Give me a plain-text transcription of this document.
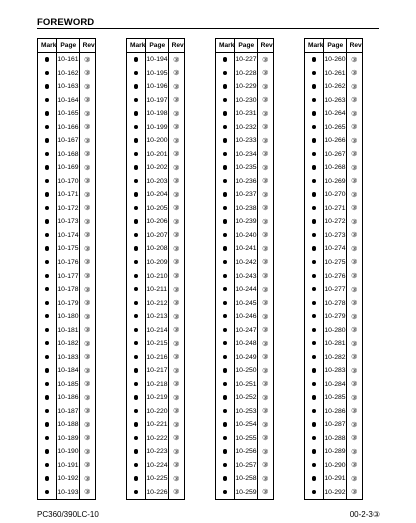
FOREWORD
Mark	Page	Rev
	10-161	③
	10-162	③
	10-163	③
	10-164	③
	10-165	③
	10-166	③
	10-167	③
	10-168	③
	10-169	③
	10-170	③
	10-171	③
	10-172	③
	10-173	③
	10-174	③
	10-175	③
	10-176	③
	10-177	③
	10-178	③
	10-179	③
	10-180	③
	10-181	③
	10-182	③
	10-183	③
	10-184	③
	10-185	③
	10-186	③
	10-187	③
	10-188	③
	10-189	③
	10-190	③
	10-191	③
	10-192	③
	10-193	③
Mark	Page	Rev
	10-194	③
	10-195	③
	10-196	③
	10-197	③
	10-198	③
	10-199	③
	10-200	③
	10-201	③
	10-202	③
	10-203	③
	10-204	③
	10-205	③
	10-206	③
	10-207	③
	10-208	③
	10-209	③
	10-210	③
	10-211	③
	10-212	③
	10-213	③
	10-214	③
	10-215	③
	10-216	③
	10-217	③
	10-218	③
	10-219	③
	10-220	③
	10-221	③
	10-222	③
	10-223	③
	10-224	③
	10-225	③
	10-226	③
Mark	Page	Rev
	10-227	③
	10-228	③
	10-229	③
	10-230	③
	10-231	③
	10-232	③
	10-233	③
	10-234	③
	10-235	③
	10-236	③
	10-237	③
	10-238	③
	10-239	③
	10-240	③
	10-241	③
	10-242	③
	10-243	③
	10-244	③
	10-245	③
	10-246	③
	10-247	③
	10-248	③
	10-249	③
	10-250	③
	10-251	③
	10-252	③
	10-253	③
	10-254	③
	10-255	③
	10-256	③
	10-257	③
	10-258	③
	10-259	③
Mark	Page	Rev
	10-260	③
	10-261	③
	10-262	③
	10-263	③
	10-264	③
	10-265	③
	10-266	③
	10-267	③
	10-268	③
	10-269	③
	10-270	③
	10-271	③
	10-272	③
	10-273	③
	10-274	③
	10-275	③
	10-276	③
	10-277	③
	10-278	③
	10-279	③
	10-280	③
	10-281	③
	10-282	③
	10-283	③
	10-284	③
	10-285	③
	10-286	③
	10-287	③
	10-288	③
	10-289	③
	10-290	③
	10-291	③
	10-292	③
PC360/390LC-10	00-2-3③
